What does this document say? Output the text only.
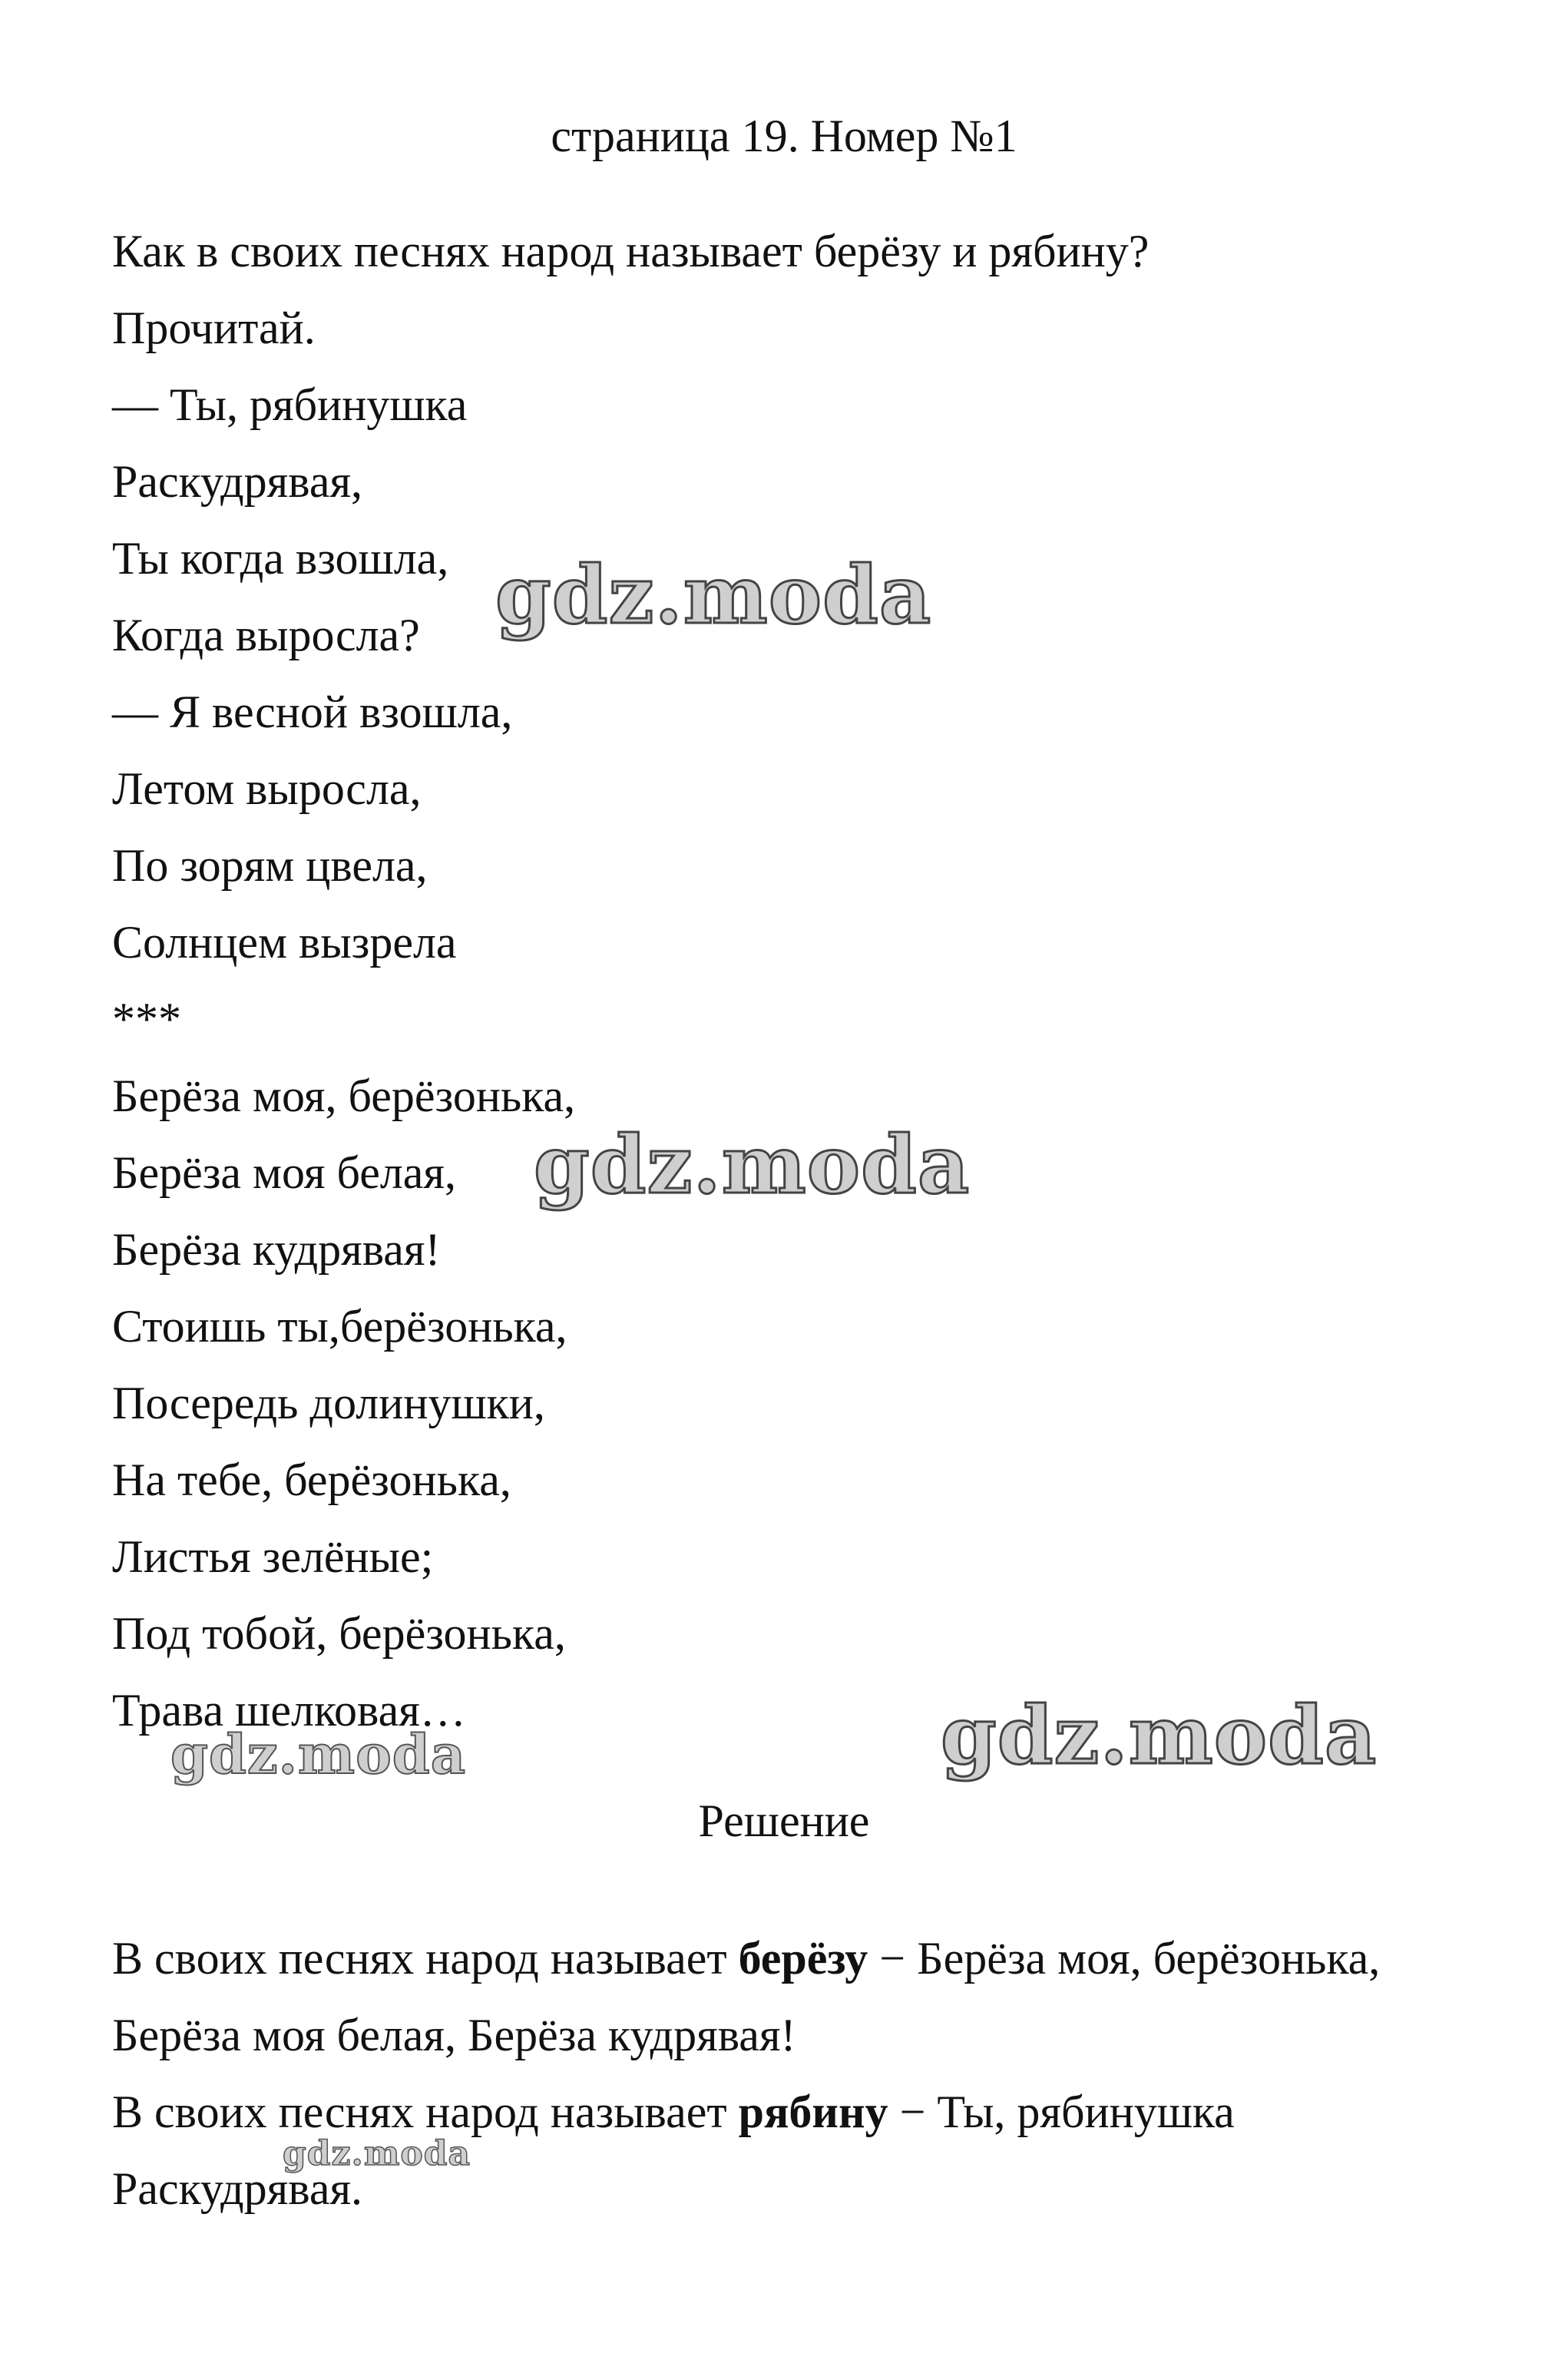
страница 19. Номер №1
Как в своих песнях народ называет берёзу и рябину?
Прочитай.
— Ты, рябинушка
Раскудрявая,
Ты когда взошла,
Когда выросла?
— Я весной взошла,
Летом выросла,
По зорям цвела,
Солнцем вызрела
***
Берёза моя, берёзонька,
Берёза моя белая,
Берёза кудрявая!
Стоишь ты,берёзонька,
Посередь долинушки,
На тебе, берёзонька,
Листья зелёные;
Под тобой, берёзонька,
Трава шелковая…
Решение
В своих песнях народ называет берёзу − Берёза моя, берёзонька, Берёза моя белая, Берёза кудрявая!
В своих песнях народ называет рябину − Ты, рябинушка Раскудрявая.
gdz.moda
gdz.moda
gdz.moda
gdz.moda
gdz.moda
